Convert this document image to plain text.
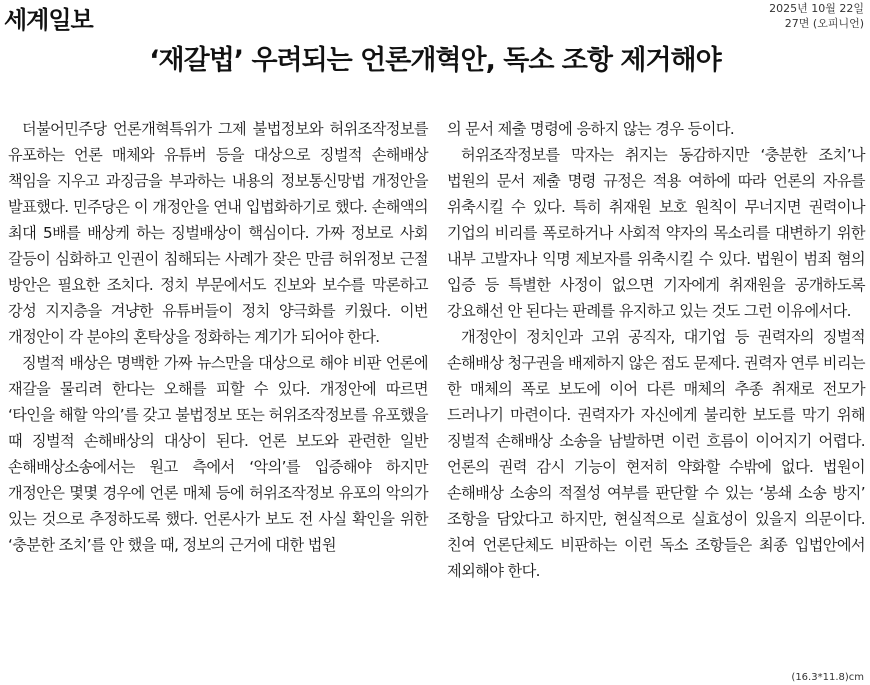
세계일보	2025년 10월 22일
27면 (오피니언)
‘재갈법’ 우려되는 언론개혁안, 독소 조항 제거해야

더불어민주당 언론개혁특위가 그제 불법정보와 허위조작정보를 유포하는 언론 매체와 유튜버 등을 대상으로 징벌적 손해배상 책임을 지우고 과징금을 부과하는 내용의 정보통신망법 개정안을 발표했다. 민주당은 이 개정안을 연내 입법화하기로 했다. 손해액의 최대 5배를 배상케 하는 징벌배상이 핵심이다. 가짜 정보로 사회 갈등이 심화하고 인권이 침해되는 사례가 잦은 만큼 허위정보 근절 방안은 필요한 조치다. 정치 부문에서도 진보와 보수를 막론하고 강성 지지층을 겨냥한 유튜버들이 정치 양극화를 키웠다. 이번 개정안이 각 분야의 혼탁상을 정화하는 계기가 되어야 한다.

징벌적 배상은 명백한 가짜 뉴스만을 대상으로 해야 비판 언론에 재갈을 물리려 한다는 오해를 피할 수 있다. 개정안에 따르면 ‘타인을 해할 악의’를 갖고 불법정보 또는 허위조작정보를 유포했을 때 징벌적 손해배상의 대상이 된다. 언론 보도와 관련한 일반 손해배상소송에서는 원고 측에서 ‘악의’를 입증해야 하지만 개정안은 몇몇 경우에 언론 매체 등에 허위조작정보 유포의 악의가 있는 것으로 추정하도록 했다. 언론사가 보도 전 사실 확인을 위한 ‘충분한 조치’를 안 했을 때, 정보의 근거에 대한 법원

의 문서 제출 명령에 응하지 않는 경우 등이다.

허위조작정보를 막자는 취지는 동감하지만 ‘충분한 조치’나 법원의 문서 제출 명령 규정은 적용 여하에 따라 언론의 자유를 위축시킬 수 있다. 특히 취재원 보호 원칙이 무너지면 권력이나 기업의 비리를 폭로하거나 사회적 약자의 목소리를 대변하기 위한 내부 고발자나 익명 제보자를 위축시킬 수 있다. 법원이 범죄 혐의 입증 등 특별한 사정이 없으면 기자에게 취재원을 공개하도록 강요해선 안 된다는 판례를 유지하고 있는 것도 그런 이유에서다.

개정안이 정치인과 고위 공직자, 대기업 등 권력자의 징벌적 손해배상 청구권을 배제하지 않은 점도 문제다. 권력자 연루 비리는 한 매체의 폭로 보도에 이어 다른 매체의 추종 취재로 전모가 드러나기 마련이다. 권력자가 자신에게 불리한 보도를 막기 위해 징벌적 손해배상 소송을 남발하면 이런 흐름이 이어지기 어렵다. 언론의 권력 감시 기능이 현저히 약화할 수밖에 없다. 법원이 손해배상 소송의 적절성 여부를 판단할 수 있는 ‘봉쇄 소송 방지’ 조항을 담았다고 하지만, 현실적으로 실효성이 있을지 의문이다. 친여 언론단체도 비판하는 이런 독소 조항들은 최종 입법안에서 제외해야 한다.

(16.3*11.8)cm
